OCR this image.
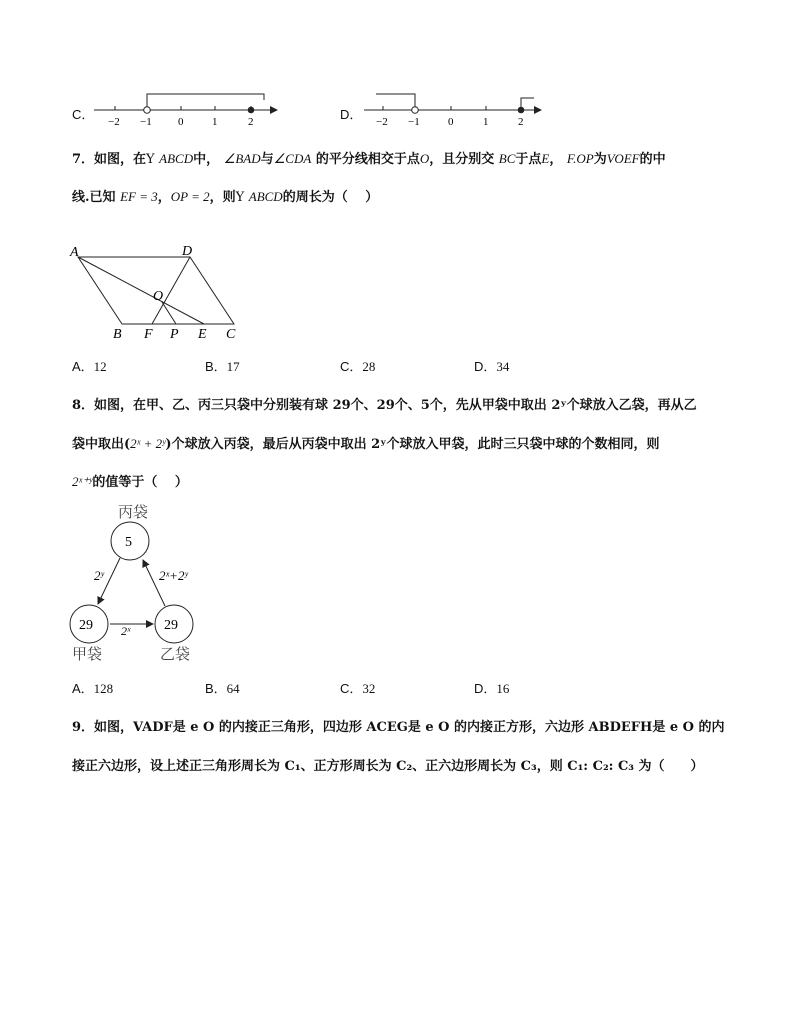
C． −2 −1 0	1	2	D． −2 −1	0	1	2
7．如图，在Y ABCD中， ∠BAD与∠CDA 的平分线相交于点O，且分别交 BC于点E， F.OP为VOEF的中
线.已知 EF = 3，OP = 2，则Y ABCD的周长为（　 ）
A	D
O
B F P E C
A．12	B．17	C．28	D．34
8．如图，在甲、乙、丙三只袋中分别装有球 29个、29个、5个，先从甲袋中取出 2ʸ个球放入乙袋，再从乙
袋中取出(2ˣ + 2ʸ)个球放入丙袋，最后从丙袋中取出 2ʸ个球放入甲袋，此时三只袋中球的个数相同，则
2ˣ⁺ʸ的值等于（　 ）
丙袋
5
29	29
甲袋	乙袋
2ʸ	2ˣ+2ʸ
2ˣ
A．128	B．64	C．32	D．16
9．如图，VADF是 e O 的内接正三角形，四边形 ACEG是 e O 的内接正方形，六边形 ABDEFH是 e O 的内
接正六边形，设上述正三角形周长为 C₁、正方形周长为 C₂、正六边形周长为 C₃，则 C₁: C₂: C₃ 为（　　）
